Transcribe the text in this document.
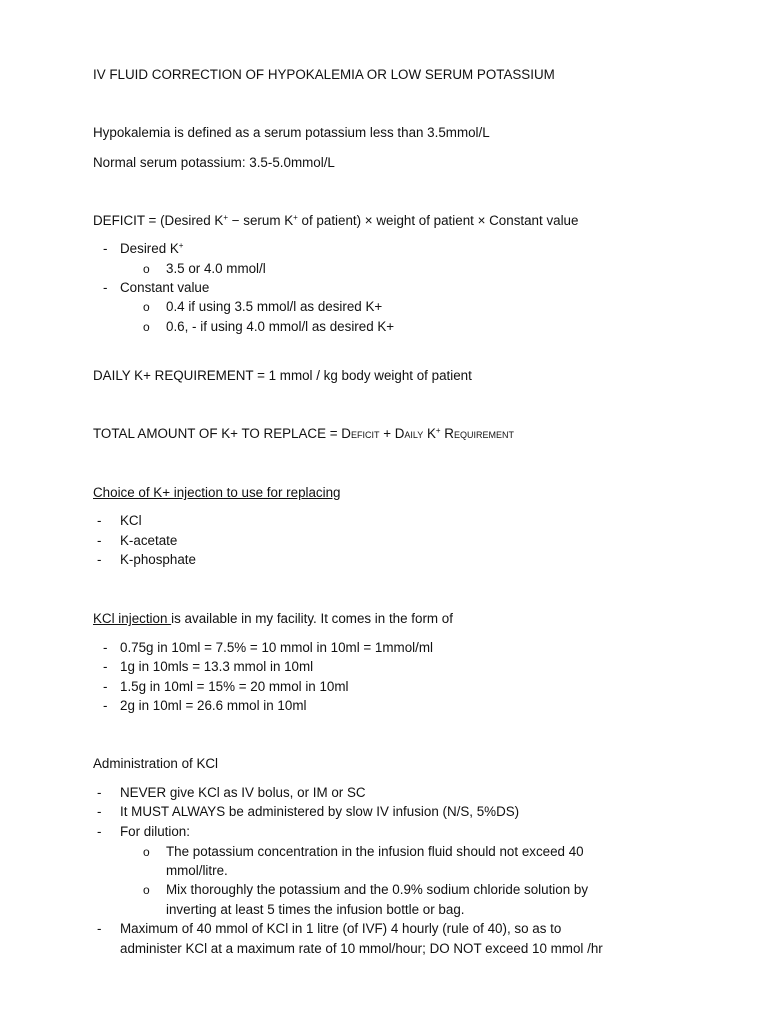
IV FLUID CORRECTION OF HYPOKALEMIA OR LOW SERUM POTASSIUM
Hypokalemia is defined as a serum potassium less than 3.5mmol/L
Normal serum potassium: 3.5-5.0mmol/L
DEFICIT = (Desired K+ − serum K+ of patient) × weight of patient × Constant value
- Desired K+
o 3.5 or 4.0 mmol/l
- Constant value
o 0.4 if using 3.5 mmol/l as desired K+
o 0.6, - if using 4.0 mmol/l as desired K+
DAILY K+ REQUIREMENT = 1 mmol / kg body weight of patient
TOTAL AMOUNT OF K+ TO REPLACE = Deficit + Daily K+ Requirement
Choice of K+ injection to use for replacing
- KCl
- K-acetate
- K-phosphate
KCl injection is available in my facility. It comes in the form of
- 0.75g in 10ml = 7.5% = 10 mmol in 10ml = 1mmol/ml
- 1g in 10mls = 13.3 mmol in 10ml
- 1.5g in 10ml = 15% = 20 mmol in 10ml
- 2g in 10ml = 26.6 mmol in 10ml
Administration of KCl
- NEVER give KCl as IV bolus, or IM or SC
- It MUST ALWAYS be administered by slow IV infusion (N/S, 5%DS)
- For dilution:
o The potassium concentration in the infusion fluid should not exceed 40
mmol/litre.
o Mix thoroughly the potassium and the 0.9% sodium chloride solution by
inverting at least 5 times the infusion bottle or bag.
- Maximum of 40 mmol of KCl in 1 litre (of IVF) 4 hourly (rule of 40), so as to
administer KCl at a maximum rate of 10 mmol/hour; DO NOT exceed 10 mmol /hr
